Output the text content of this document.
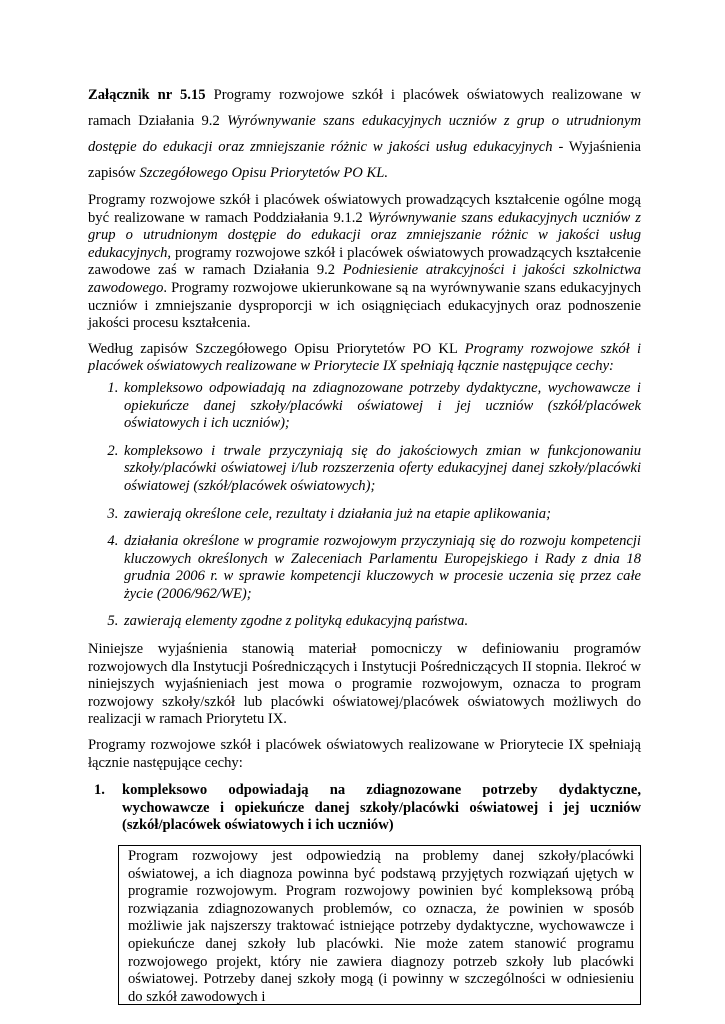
Załącznik nr 5.15 Programy rozwojowe szkół i placówek oświatowych realizowane w ramach Działania 9.2 Wyrównywanie szans edukacyjnych uczniów z grup o utrudnionym dostępie do edukacji oraz zmniejszanie różnic w jakości usług edukacyjnych - Wyjaśnienia zapisów Szczegółowego Opisu Priorytetów PO KL.

Programy rozwojowe szkół i placówek oświatowych prowadzących kształcenie ogólne mogą być realizowane w ramach Poddziałania 9.1.2 Wyrównywanie szans edukacyjnych uczniów z grup o utrudnionym dostępie do edukacji oraz zmniejszanie różnic w jakości usług edukacyjnych, programy rozwojowe szkół i placówek oświatowych prowadzących kształcenie zawodowe zaś w ramach Działania 9.2 Podniesienie atrakcyjności i jakości szkolnictwa zawodowego. Programy rozwojowe ukierunkowane są na wyrównywanie szans edukacyjnych uczniów i zmniejszanie dysproporcji w ich osiągnięciach edukacyjnych oraz podnoszenie jakości procesu kształcenia.

Według zapisów Szczegółowego Opisu Priorytetów PO KL Programy rozwojowe szkół i placówek oświatowych realizowane w Priorytecie IX spełniają łącznie następujące cechy:

1. kompleksowo odpowiadają na zdiagnozowane potrzeby dydaktyczne, wychowawcze i opiekuńcze danej szkoły/placówki oświatowej i jej uczniów (szkół/placówek oświatowych i ich uczniów);
2. kompleksowo i trwale przyczyniają się do jakościowych zmian w funkcjonowaniu szkoły/placówki oświatowej i/lub rozszerzenia oferty edukacyjnej danej szkoły/placówki oświatowej (szkół/placówek oświatowych);
3. zawierają określone cele, rezultaty i działania już na etapie aplikowania;
4. działania określone w programie rozwojowym przyczyniają się do rozwoju kompetencji kluczowych określonych w Zaleceniach Parlamentu Europejskiego i Rady z dnia 18 grudnia 2006 r. w sprawie kompetencji kluczowych w procesie uczenia się przez całe życie (2006/962/WE);
5. zawierają elementy zgodne z polityką edukacyjną państwa.

Niniejsze wyjaśnienia stanowią materiał pomocniczy w definiowaniu programów rozwojowych dla Instytucji Pośredniczących i Instytucji Pośredniczących II stopnia. Ilekroć w niniejszych wyjaśnieniach jest mowa o programie rozwojowym, oznacza to program rozwojowy szkoły/szkół lub placówki oświatowej/placówek oświatowych możliwych do realizacji w ramach Priorytetu IX.

Programy rozwojowe szkół i placówek oświatowych realizowane w Priorytecie IX spełniają łącznie następujące cechy:

1.	kompleksowo odpowiadają na zdiagnozowane potrzeby dydaktyczne, wychowawcze i opiekuńcze danej szkoły/placówki oświatowej i jej uczniów (szkół/placówek oświatowych i ich uczniów)
Program rozwojowy jest odpowiedzią na problemy danej szkoły/placówki oświatowej, a ich diagnoza powinna być podstawą przyjętych rozwiązań ujętych w programie rozwojowym. Program rozwojowy powinien być kompleksową próbą rozwiązania zdiagnozowanych problemów, co oznacza, że powinien w sposób możliwie jak najszerszy traktować istniejące potrzeby dydaktyczne, wychowawcze i opiekuńcze danej szkoły lub placówki. Nie może zatem stanowić programu rozwojowego projekt, który nie zawiera diagnozy potrzeb szkoły lub placówki oświatowej. Potrzeby danej szkoły mogą (i powinny w szczególności w odniesieniu do szkół zawodowych i
